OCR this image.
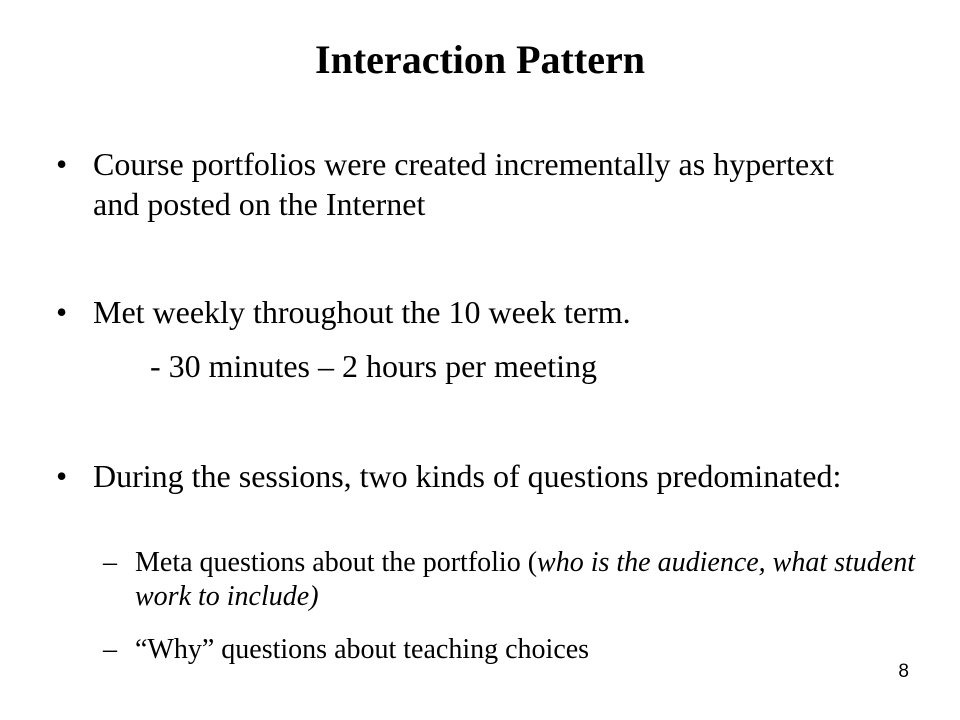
Interaction Pattern
• Course portfolios were created incrementally as hypertext and posted on the Internet
• Met weekly throughout the 10 week term.
- 30 minutes – 2 hours per meeting
• During the sessions, two kinds of questions predominated:
– Meta questions about the portfolio (who is the audience, what student work to include)
– “Why” questions about teaching choices
8
